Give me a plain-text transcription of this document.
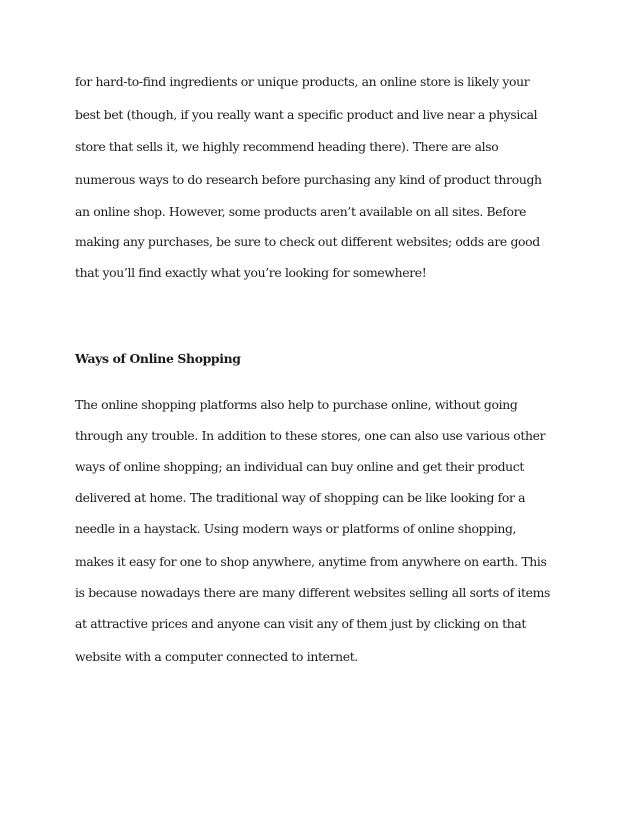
for hard-to-find ingredients or unique products, an online store is likely your

best bet (though, if you really want a specific product and live near a physical

store that sells it, we highly recommend heading there). There are also

numerous ways to do research before purchasing any kind of product through

an online shop. However, some products aren’t available on all sites. Before

making any purchases, be sure to check out different websites; odds are good

that you’ll find exactly what you’re looking for somewhere!

Ways of Online Shopping

The online shopping platforms also help to purchase online, without going

through any trouble. In addition to these stores, one can also use various other

ways of online shopping; an individual can buy online and get their product

delivered at home. The traditional way of shopping can be like looking for a

needle in a haystack. Using modern ways or platforms of online shopping,

makes it easy for one to shop anywhere, anytime from anywhere on earth. This

is because nowadays there are many different websites selling all sorts of items

at attractive prices and anyone can visit any of them just by clicking on that

website with a computer connected to internet.
